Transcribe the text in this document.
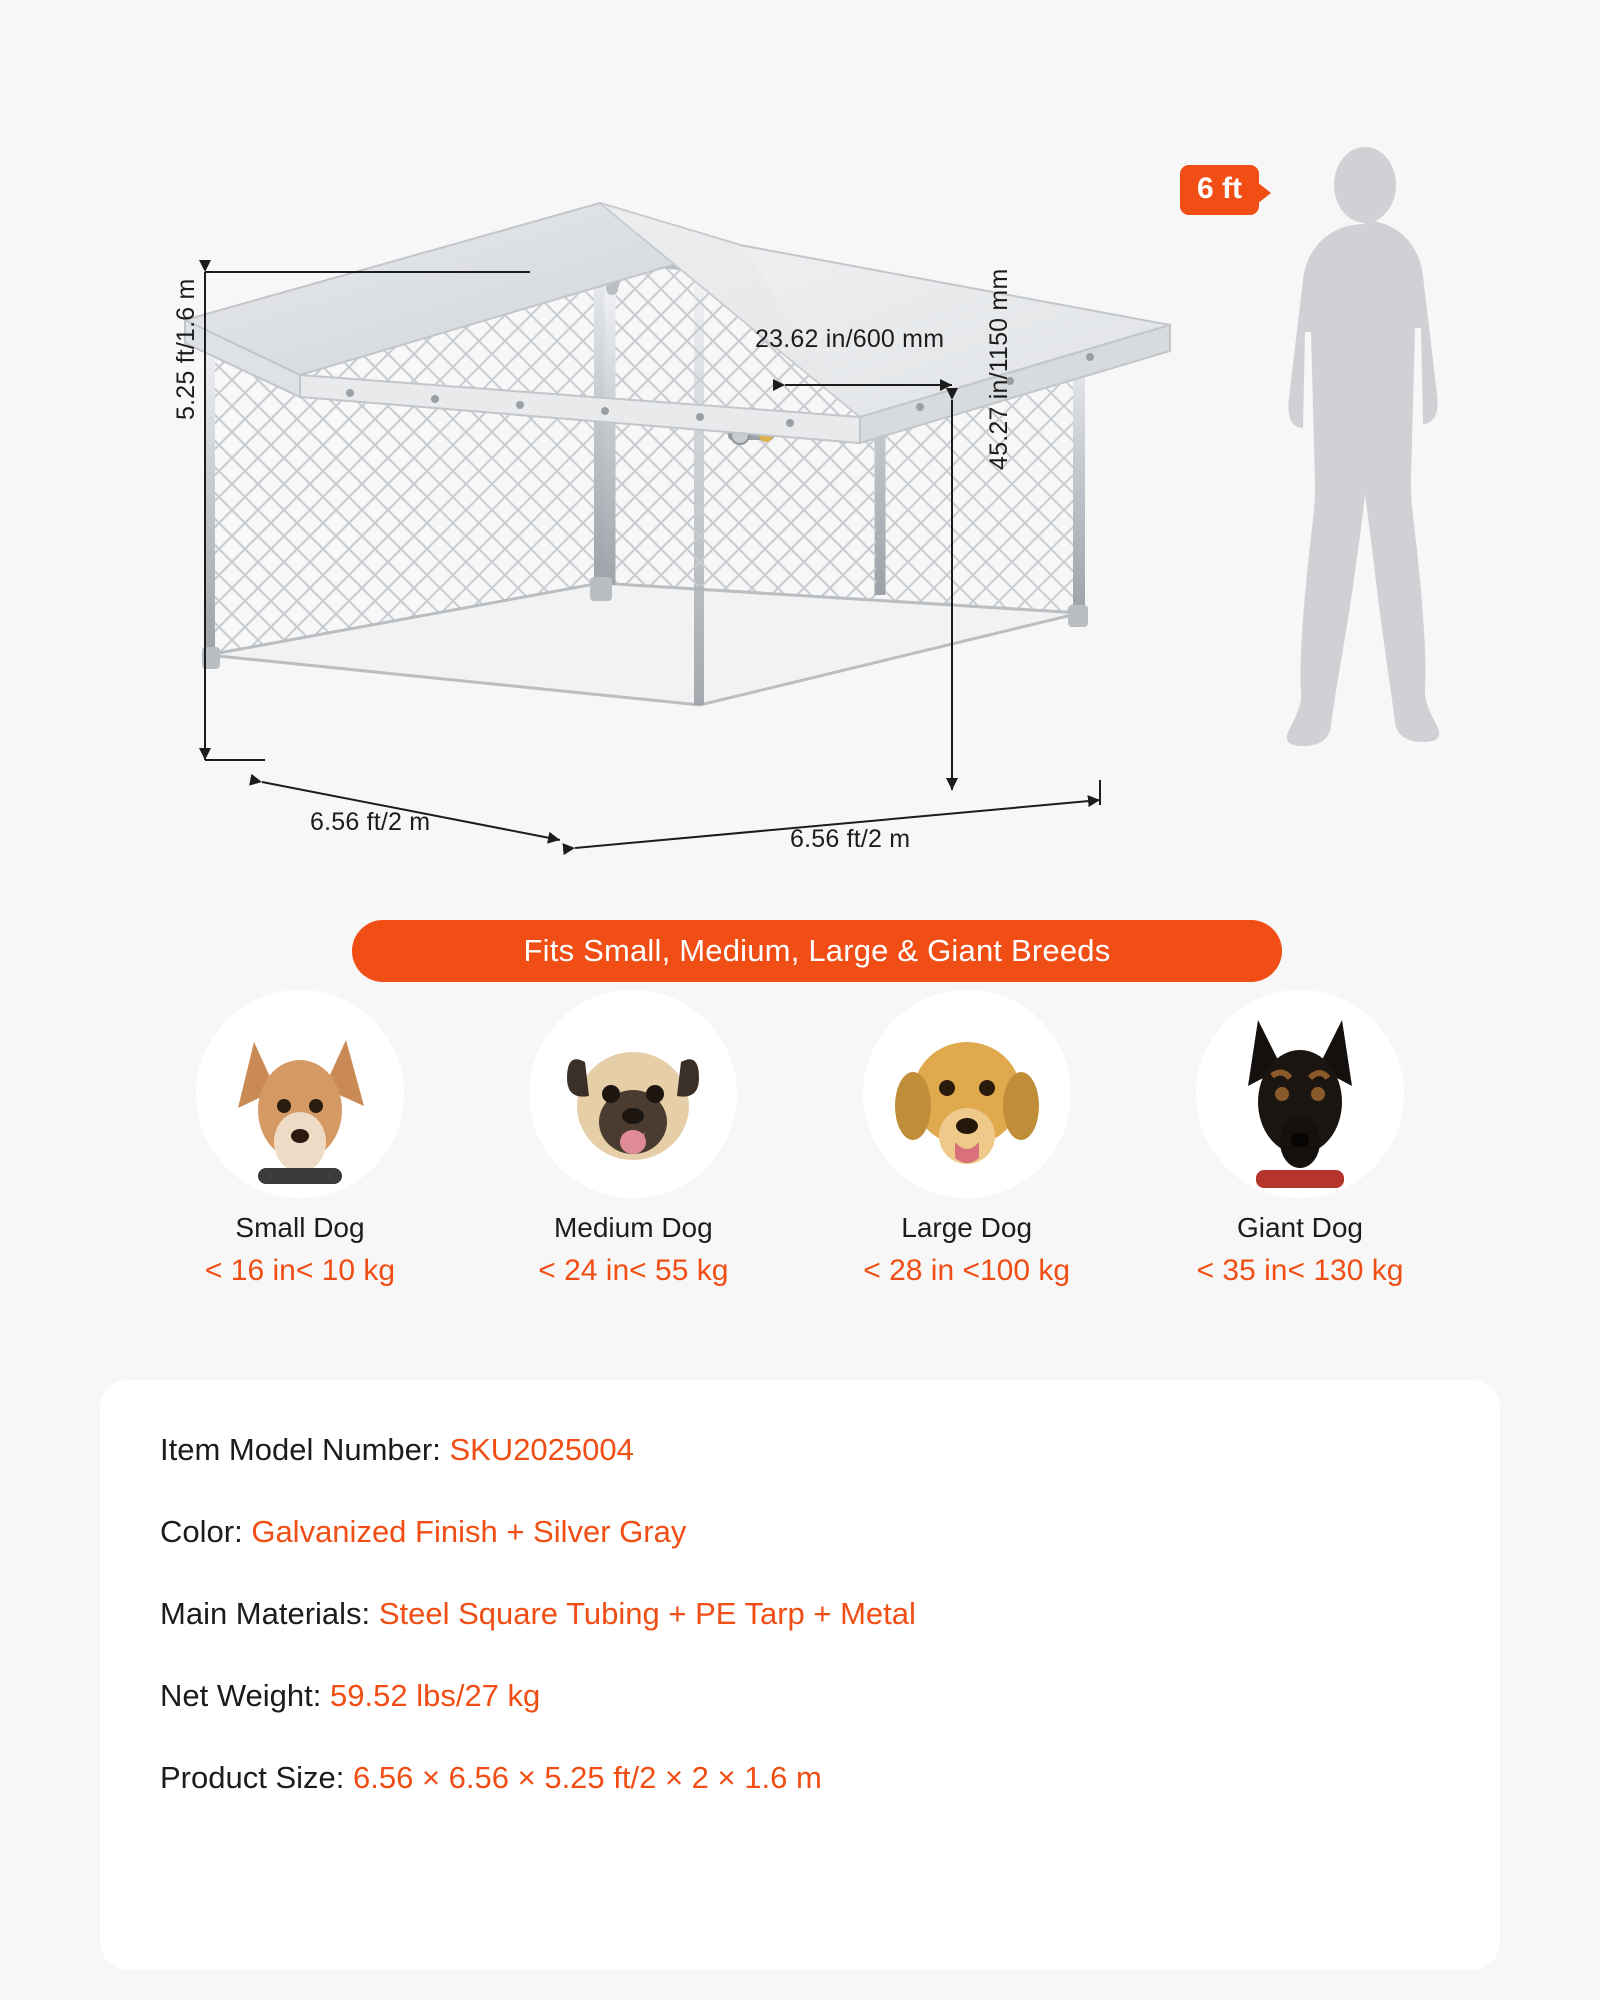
5.25 ft/1.6 m	23.62 in/600 mm 45.27 in/1150 mm
6.56 ft/2 m
6.56 ft/2 m
6 ft
Fits Small, Medium, Large & Giant Breeds
Small Dog
< 16 in< 10 kg
Medium Dog
< 24 in< 55 kg
Large Dog
< 28 in <100 kg
Giant Dog
< 35 in< 130 kg
Item Model Number: SKU2025004
Color: Galvanized Finish + Silver Gray
Main Materials: Steel Square Tubing + PE Tarp + Metal
Net Weight: 59.52 lbs/27 kg
Product Size: 6.56 × 6.56 × 5.25 ft/2 × 2 × 1.6 m
